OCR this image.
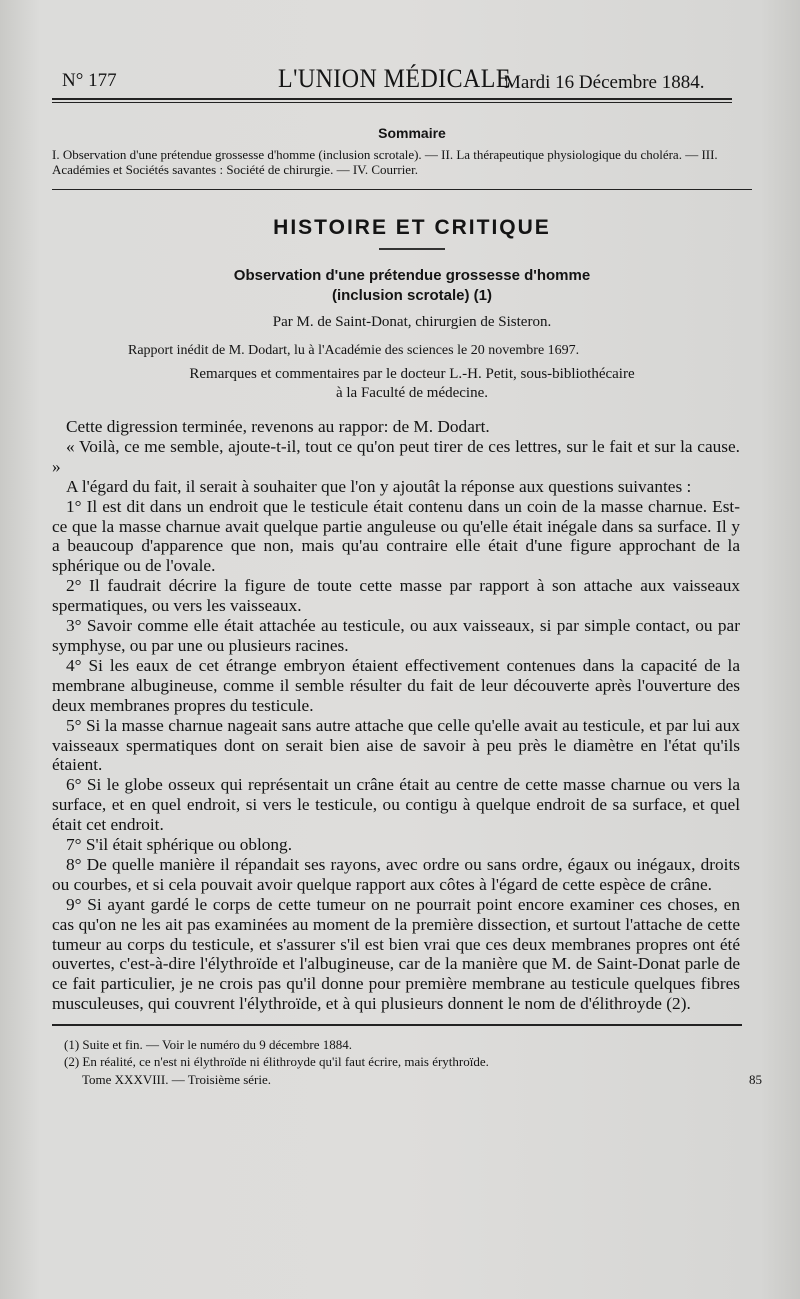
N° 177	L'UNION MÉDICALE
Mardi 16 Décembre 1884.
Sommaire
I. Observation d'une prétendue grossesse d'homme (inclusion scrotale). — II. La thérapeutique physiologique du choléra. — III. Académies et Sociétés savantes : Société de chirurgie. — IV. Courrier.
HISTOIRE ET CRITIQUE
Observation d'une prétendue grossesse d'homme
(inclusion scrotale) (1)
Par M. de Saint-Donat, chirurgien de Sisteron.
Rapport inédit de M. Dodart, lu à l'Académie des sciences le 20 novembre 1697.
Remarques et commentaires par le docteur L.-H. Petit, sous-bibliothécaire
à la Faculté de médecine.

Cette digression terminée, revenons au rappor: de M. Dodart.

« Voilà, ce me semble, ajoute-t-il, tout ce qu'on peut tirer de ces lettres, sur le fait et sur la cause. »

A l'égard du fait, il serait à souhaiter que l'on y ajoutât la réponse aux questions suivantes :

1° Il est dit dans un endroit que le testicule était contenu dans un coin de la masse charnue. Est-ce que la masse charnue avait quelque partie anguleuse ou qu'elle était inégale dans sa surface. Il y a beaucoup d'apparence que non, mais qu'au contraire elle était d'une figure approchant de la sphérique ou de l'ovale.

2° Il faudrait décrire la figure de toute cette masse par rapport à son attache aux vaisseaux spermatiques, ou vers les vaisseaux.

3° Savoir comme elle était attachée au testicule, ou aux vaisseaux, si par simple contact, ou par symphyse, ou par une ou plusieurs racines.

4° Si les eaux de cet étrange embryon étaient effectivement contenues dans la capacité de la membrane albugineuse, comme il semble résulter du fait de leur découverte après l'ouverture des deux membranes propres du testicule.

5° Si la masse charnue nageait sans autre attache que celle qu'elle avait au testicule, et par lui aux vaisseaux spermatiques dont on serait bien aise de savoir à peu près le diamètre en l'état qu'ils étaient.

6° Si le globe osseux qui représentait un crâne était au centre de cette masse charnue ou vers la surface, et en quel endroit, si vers le testicule, ou contigu à quelque endroit de sa surface, et quel était cet endroit.

7° S'il était sphérique ou oblong.

8° De quelle manière il répandait ses rayons, avec ordre ou sans ordre, égaux ou inégaux, droits ou courbes, et si cela pouvait avoir quelque rapport aux côtes à l'égard de cette espèce de crâne.

9° Si ayant gardé le corps de cette tumeur on ne pourrait point encore examiner ces choses, en cas qu'on ne les ait pas examinées au moment de la première dissection, et surtout l'attache de cette tumeur au corps du testicule, et s'assurer s'il est bien vrai que ces deux membranes propres ont été ouvertes, c'est-à-dire l'élythroïde et l'albugineuse, car de la manière que M. de Saint-Donat parle de ce fait particulier, je ne crois pas qu'il donne pour première membrane au testicule quelques fibres musculeuses, qui couvrent l'élythroïde, et à qui plusieurs donnent le nom de d'élithroyde (2).

(1) Suite et fin. — Voir le numéro du 9 décembre 1884.

(2) En réalité, ce n'est ni élythroïde ni élithroyde qu'il faut écrire, mais érythroïde.

Tome XXXVIII. — Troisième série.	85
